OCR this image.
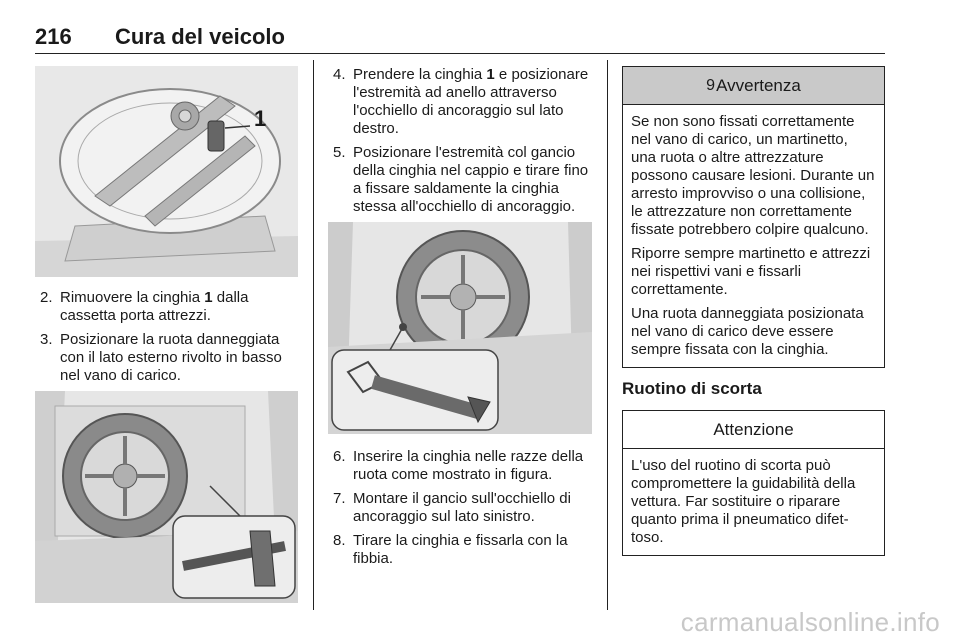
216 Cura del veicolo
1
2. Rimuovere la cinghia 1 dalla cassetta porta attrezzi.
3. Posizionare la ruota danneggiata con il lato esterno rivolto in basso nel vano di carico.
4. Prendere la cinghia 1 e posizionare l'estremità ad anello attraverso l'occhiello di ancoraggio sul lato destro.
5. Posizionare l'estremità col gancio della cinghia nel cappio e tirare fino a fissare saldamente la cinghia stessa all'occhiello di ancoraggio.
6. Inserire la cinghia nelle razze della ruota come mostrato in figura.
7. Montare il gancio sull'occhiello di ancoraggio sul lato sinistro.
8. Tirare la cinghia e fissarla con la fibbia.
9 Avvertenza

Se non sono fissati correttamente nel vano di carico, un martinetto, una ruota o altre attrezzature possono causare lesioni. Durante un arresto improvviso o una collisione, le attrezzature non correttamente fissate potrebbero colpire qualcuno.

Riporre sempre martinetto e attrezzi nei rispettivi vani e fissarli correttamente.

Una ruota danneggiata posizionata nel vano di carico deve essere sempre fissata con la cinghia.

Ruotino di scorta
Attenzione

L'uso del ruotino di scorta può compromettere la guidabilità della vettura. Far sostituire o riparare quanto prima il pneumatico difettoso.

carmanualsonline.info
